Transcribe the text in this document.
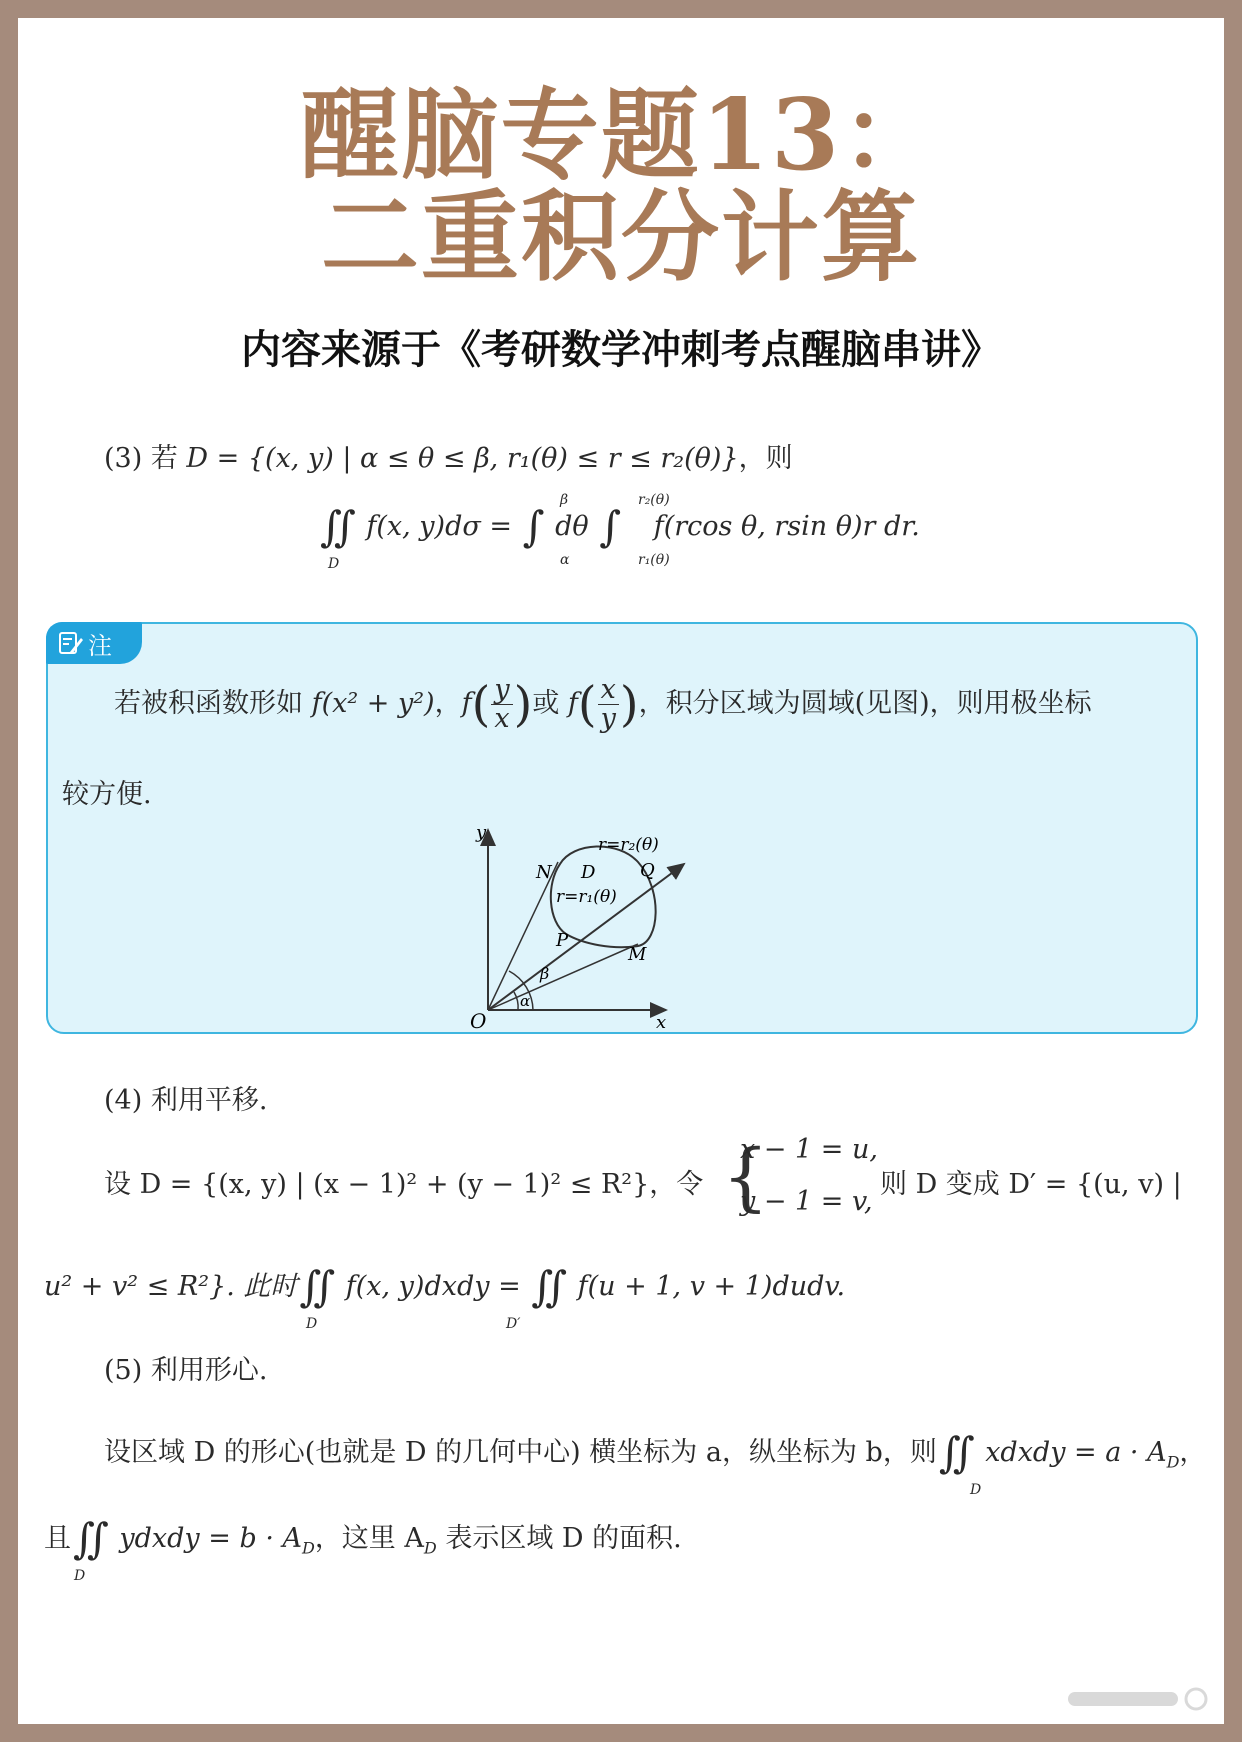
醒脑专题13：
二重积分计算
内容来源于《考研数学冲刺考点醒脑串讲》
(3) 若 D = {(x, y) | α ≤ θ ≤ β, r₁(θ) ≤ r ≤ r₂(θ)}，则
∬
D
f(x, y)dσ = ∫
β
α
dθ ∫
r₂(θ)
r₁(θ)
f(rcos θ, rsin θ)r dr.
注
若被积函数形如 f(x² + y²)，$f( \frac{y}{x}$ )或 $f( \frac{x}{y}$ )，积分区域为圆域(见图)，则用极坐标
较方便.
y
x
O
N D Q
P
M
r=r₂(θ)
r=r₁(θ)
β
α
(4) 利用平移.
设 D = {(x, y) | (x − 1)² + (y − 1)² ≤ R²}，令 {
x − 1 = u,
y − 1 = v,
则 D 变成 D′ = {(u, v) |
u² + v² ≤ R²}. 此时∬
D
f(x, y)dxdy = ∬
D′
f(u + 1, v + 1)dudv.
(5) 利用形心.
设区域 D 的形心(也就是 D 的几何中心) 横坐标为 a，纵坐标为 b，则∬
D
xdxdy = $a \cdot A_D$，
且∬
D
ydxdy = $b \cdot A_D$，这里 $A_D$ 表示区域 D 的面积.
